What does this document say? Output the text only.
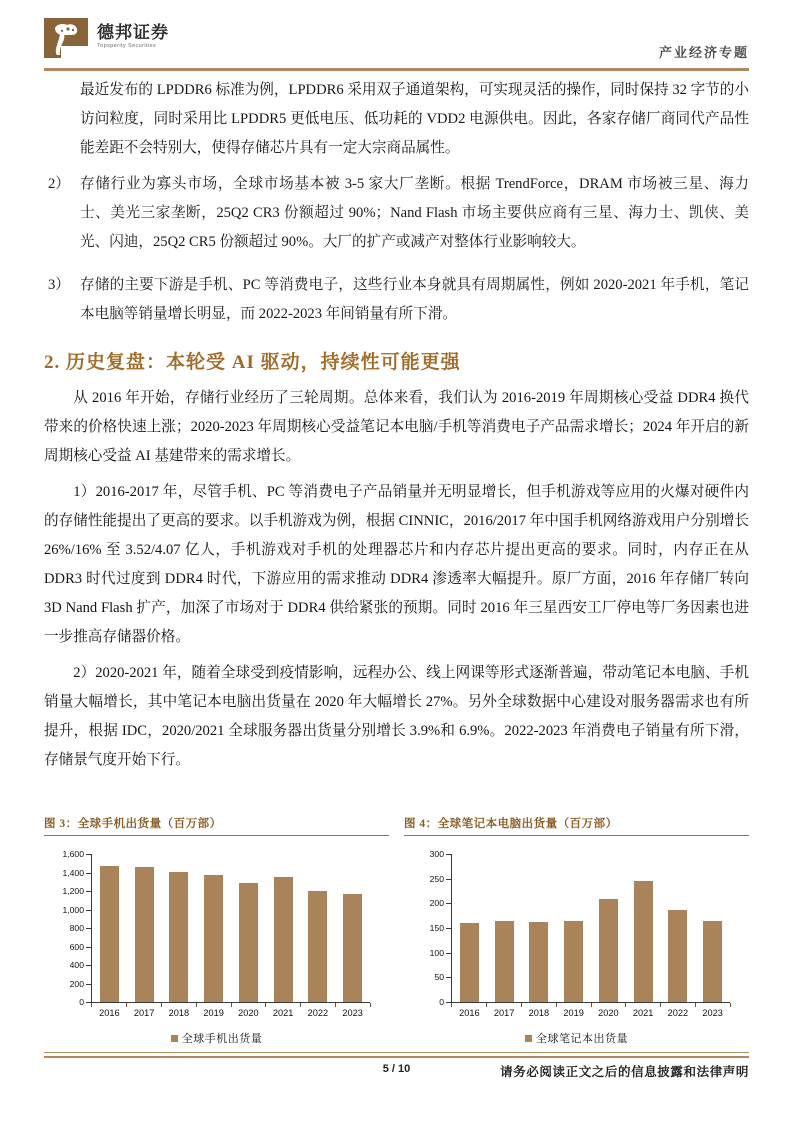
德邦证券
Topsperity Securities	产业经济专题

最近发布的 LPDDR6 标准为例，LPDDR6 采用双子通道架构，可实现灵活的操作，同时保持 32 字节的小访问粒度，同时采用比 LPDDR5 更低电压、低功耗的 VDD2 电源供电。因此，各家存储厂商同代产品性能差距不会特别大，使得存储芯片具有一定大宗商品属性。

2） 存储行业为寡头市场，全球市场基本被 3-5 家大厂垄断。根据 TrendForce，DRAM 市场被三星、海力士、美光三家垄断，25Q2 CR3 份额超过 90%；Nand Flash 市场主要供应商有三星、海力士、凯侠、美光、闪迪，25Q2 CR5 份额超过 90%。大厂的扩产或减产对整体行业影响较大。
3） 存储的主要下游是手机、PC 等消费电子，这些行业本身就具有周期属性，例如 2020-2021 年手机，笔记本电脑等销量增长明显，而 2022-2023 年间销量有所下滑。
2. 历史复盘：本轮受 AI 驱动，持续性可能更强

从 2016 年开始，存储行业经历了三轮周期。总体来看，我们认为 2016-2019 年周期核心受益 DDR4 换代带来的价格快速上涨；2020-2023 年周期核心受益笔记本电脑/手机等消费电子产品需求增长；2024 年开启的新周期核心受益 AI 基建带来的需求增长。

1）2016-2017 年，尽管手机、PC 等消费电子产品销量并无明显增长，但手机游戏等应用的火爆对硬件内的存储性能提出了更高的要求。以手机游戏为例，根据 CINNIC，2016/2017 年中国手机网络游戏用户分别增长 26%/16% 至 3.52/4.07 亿人，手机游戏对手机的处理器芯片和内存芯片提出更高的要求。同时，内存正在从 DDR3 时代过度到 DDR4 时代，下游应用的需求推动 DDR4 渗透率大幅提升。原厂方面，2016 年存储厂转向 3D Nand Flash 扩产，加深了市场对于 DDR4 供给紧张的预期。同时 2016 年三星西安工厂停电等厂务因素也进一步推高存储器价格。

2）2020-2021 年，随着全球受到疫情影响，远程办公、线上网课等形式逐渐普遍，带动笔记本电脑、手机销量大幅增长，其中笔记本电脑出货量在 2020 年大幅增长 27%。另外全球数据中心建设对服务器需求也有所提升，根据 IDC，2020/2021 全球服务器出货量分别增长 3.9%和 6.9%。2022-2023 年消费电子销量有所下滑，存储景气度开始下行。

图 3：全球手机出货量（百万部）
2016	2017	2018	2019	2020	2021	2022	2023
全球手机出货量
0
200
400
600
800
1,000
1,200
1,400
1,600
图 4：全球笔记本电脑出货量（百万部）
2016	2017	2018	2019	2020	2021	2022	2023
全球笔记本出货量
0
50
100
150
200
250
300
5 / 10	请务必阅读正文之后的信息披露和法律声明
